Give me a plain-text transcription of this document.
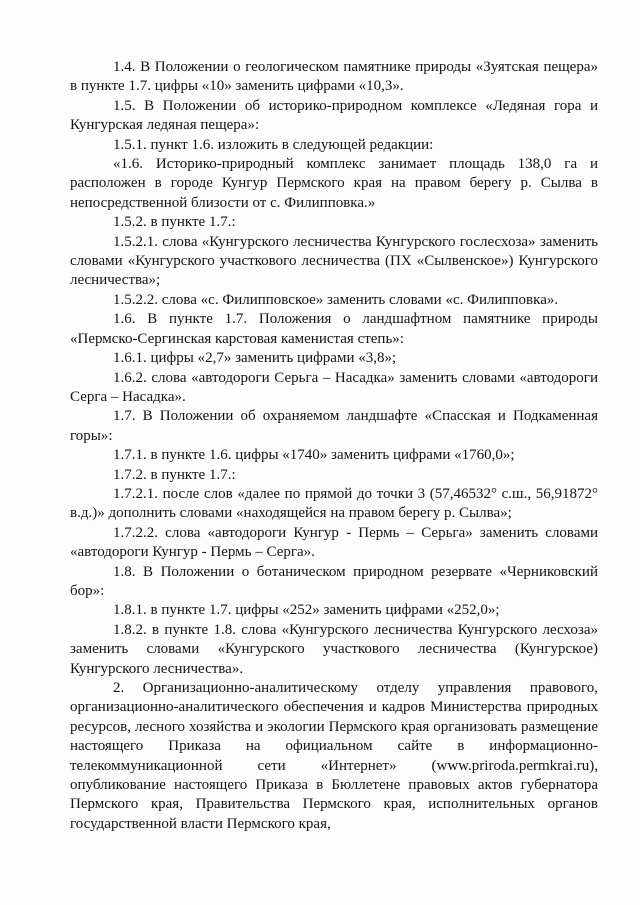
1.4. В Положении о геологическом памятнике природы «Зуятская пещера» в пункте 1.7. цифры «10» заменить цифрами «10,3».

1.5. В Положении об историко-природном комплексе «Ледяная гора и Кунгурская ледяная пещера»:

1.5.1. пункт 1.6. изложить в следующей редакции:

«1.6. Историко-природный комплекс занимает площадь 138,0 га и расположен в городе Кунгур Пермского края на правом берегу р. Сылва в непосредственной близости от с. Филипповка.»

1.5.2. в пункте 1.7.:

1.5.2.1. слова «Кунгурского лесничества Кунгурского гослесхоза» заменить словами «Кунгурского участкового лесничества (ПХ «Сылвенское») Кунгурского лесничества»;

1.5.2.2. слова «с. Филипповское» заменить словами «с. Филипповка».

1.6. В пункте 1.7. Положения о ландшафтном памятнике природы «Пермско-Сергинская карстовая каменистая степь»:

1.6.1. цифры «2,7» заменить цифрами «3,8»;

1.6.2. слова «автодороги Серьга – Насадка» заменить словами «автодороги Серга – Насадка».

1.7. В Положении об охраняемом ландшафте «Спасская и Подкаменная горы»:

1.7.1. в пункте 1.6. цифры «1740» заменить цифрами «1760,0»;

1.7.2. в пункте 1.7.:

1.7.2.1. после слов «далее по прямой до точки 3 (57,46532° с.ш., 56,91872° в.д.)» дополнить словами «находящейся на правом берегу р. Сылва»;

1.7.2.2. слова «автодороги Кунгур - Пермь – Серьга» заменить словами «автодороги Кунгур - Пермь – Серга».

1.8. В Положении о ботаническом природном резервате «Черниковский бор»:

1.8.1. в пункте 1.7. цифры «252» заменить цифрами «252,0»;

1.8.2. в пункте 1.8. слова «Кунгурского лесничества Кунгурского лесхоза» заменить словами «Кунгурского участкового лесничества (Кунгурское) Кунгурского лесничества».

2. Организационно-аналитическому отделу управления правового, организационно-аналитического обеспечения и кадров Министерства природных ресурсов, лесного хозяйства и экологии Пермского края организовать размещение настоящего Приказа на официальном сайте в информационно-телекоммуникационной сети «Интернет» (www.priroda.permkrai.ru), опубликование настоящего Приказа в Бюллетене правовых актов губернатора Пермского края, Правительства Пермского края, исполнительных органов государственной власти Пермского края,
